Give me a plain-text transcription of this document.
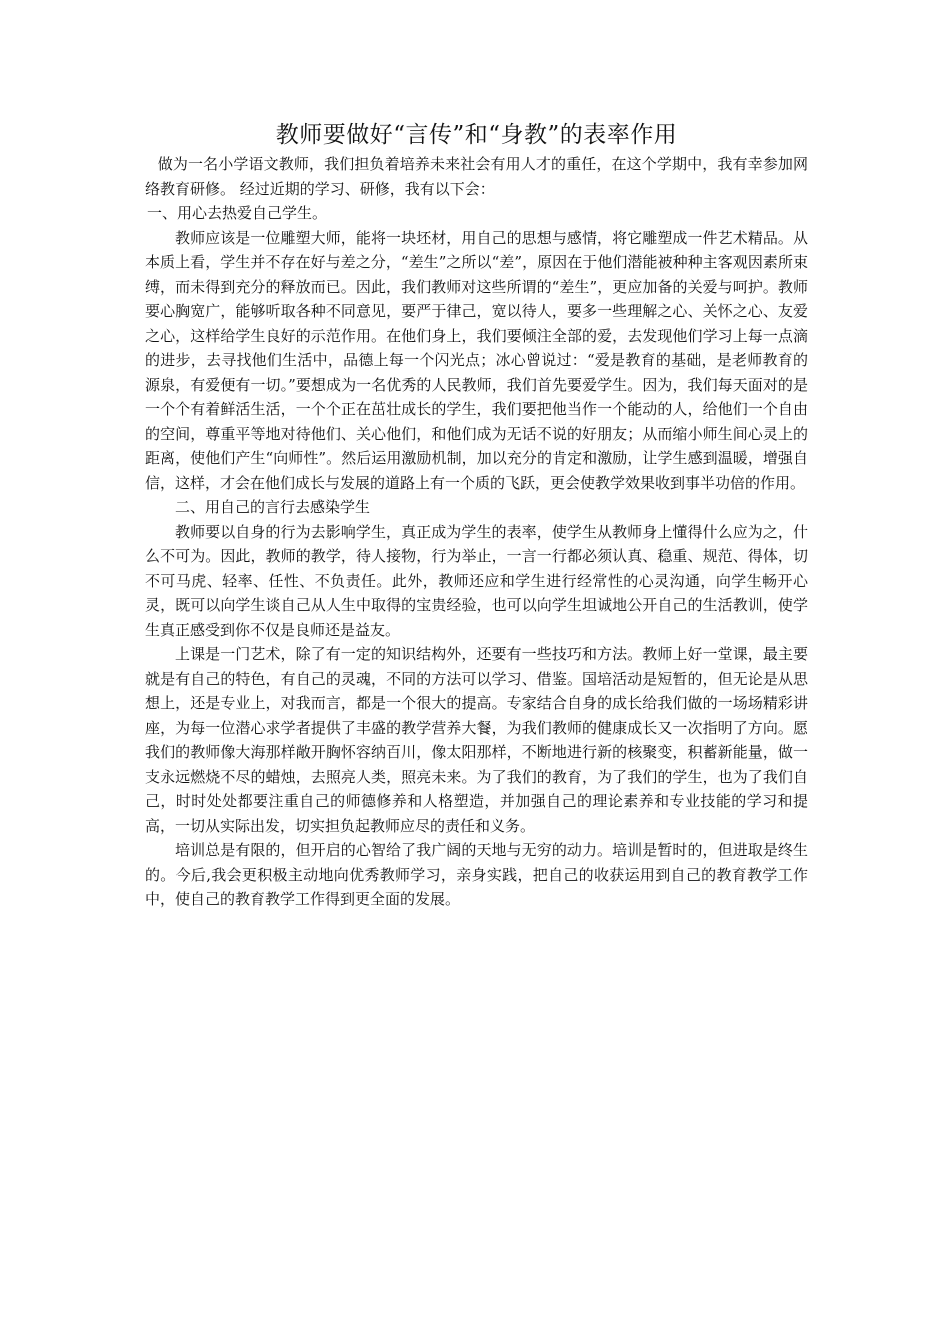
教师要做好“言传”和“身教”的表率作用

做为一名小学语文教师，我们担负着培养未来社会有用人才的重任，在这个学期中，我有幸参加网络教育研修。 经过近期的学习、研修，我有以下会：

一、用心去热爱自己学生。

教师应该是一位雕塑大师，能将一块坯材，用自己的思想与感情，将它雕塑成一件艺术精品。从本质上看，学生并不存在好与差之分，“差生”之所以“差”，原因在于他们潜能被种种主客观因素所束缚，而未得到充分的释放而已。因此，我们教师对这些所谓的“差生”，更应加备的关爱与呵护。教师要心胸宽广，能够听取各种不同意见，要严于律己，宽以待人，要多一些理解之心、关怀之心、友爱之心，这样给学生良好的示范作用。在他们身上，我们要倾注全部的爱，去发现他们学习上每一点滴的进步，去寻找他们生活中，品德上每一个闪光点；冰心曾说过：“爱是教育的基础，是老师教育的源泉，有爱便有一切。”要想成为一名优秀的人民教师，我们首先要爱学生。因为，我们每天面对的是一个个有着鲜活生活，一个个正在茁壮成长的学生，我们要把他当作一个能动的人，给他们一个自由的空间，尊重平等地对待他们、关心他们，和他们成为无话不说的好朋友；从而缩小师生间心灵上的距离，使他们产生“向师性”。然后运用激励机制，加以充分的肯定和激励，让学生感到温暖，增强自信，这样，才会在他们成长与发展的道路上有一个质的飞跃，更会使教学效果收到事半功倍的作用。

二、用自己的言行去感染学生

教师要以自身的行为去影响学生，真正成为学生的表率，使学生从教师身上懂得什么应为之，什么不可为。因此，教师的教学，待人接物，行为举止，一言一行都必须认真、稳重、规范、得体，切不可马虎、轻率、任性、不负责任。此外，教师还应和学生进行经常性的心灵沟通，向学生畅开心灵，既可以向学生谈自己从人生中取得的宝贵经验，也可以向学生坦诚地公开自己的生活教训，使学生真正感受到你不仅是良师还是益友。

上课是一门艺术，除了有一定的知识结构外，还要有一些技巧和方法。教师上好一堂课，最主要就是有自己的特色，有自己的灵魂，不同的方法可以学习、借鉴。国培活动是短暂的，但无论是从思想上，还是专业上，对我而言，都是一个很大的提高。专家结合自身的成长给我们做的一场场精彩讲座，为每一位潜心求学者提供了丰盛的教学营养大餐，为我们教师的健康成长又一次指明了方向。愿我们的教师像大海那样敞开胸怀容纳百川，像太阳那样，不断地进行新的核聚变，积蓄新能量，做一支永远燃烧不尽的蜡烛，去照亮人类，照亮未来。为了我们的教育，为了我们的学生，也为了我们自己，时时处处都要注重自己的师德修养和人格塑造，并加强自己的理论素养和专业技能的学习和提高，一切从实际出发，切实担负起教师应尽的责任和义务。

培训总是有限的，但开启的心智给了我广阔的天地与无穷的动力。培训是暂时的，但进取是终生的。今后,我会更积极主动地向优秀教师学习，亲身实践，把自己的收获运用到自己的教育教学工作中，使自己的教育教学工作得到更全面的发展。
